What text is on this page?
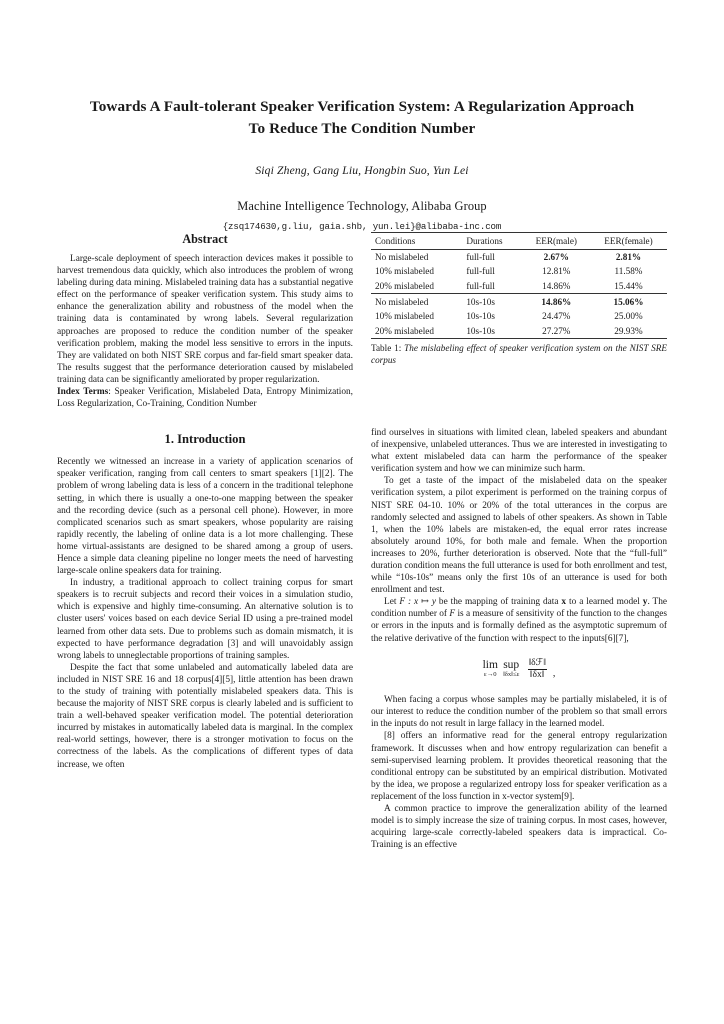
Towards A Fault-tolerant Speaker Verification System: A Regularization Approach To Reduce The Condition Number
Siqi Zheng, Gang Liu, Hongbin Suo, Yun Lei
Machine Intelligence Technology, Alibaba Group
{zsq174630,g.liu, gaia.shb, yun.lei}@alibaba-inc.com
Abstract

Large-scale deployment of speech interaction devices makes it possible to harvest tremendous data quickly, which also introduces the problem of wrong labeling during data mining. Mislabeled training data has a substantial negative effect on the performance of speaker verification system. This study aims to enhance the generalization ability and robustness of the model when the training data is contaminated by wrong labels. Several regularization approaches are proposed to reduce the condition number of the speaker verification problem, making the model less sensitive to errors in the inputs. They are validated on both NIST SRE corpus and far-field smart speaker data. The results suggest that the performance deterioration caused by mislabeled training data can be significantly ameliorated by proper regularization.

Index Terms: Speaker Verification, Mislabeled Data, Entropy Minimization, Loss Regularization, Co-Training, Condition Number

1. Introduction

Recently we witnessed an increase in a variety of application scenarios of speaker verification, ranging from call centers to smart speakers [1][2]. The problem of wrong labeling data is less of a concern in the traditional telephone setting, in which there is usually a one-to-one mapping between the speaker and the recording device (such as a personal cell phone). However, in more complicated scenarios such as smart speakers, whose popularity are raising rapidly recently, the labeling of online data is a lot more challenging. These home virtual-assistants are designed to be shared among a group of users. Hence a simple data cleaning pipeline no longer meets the need of harvesting large-scale online speakers data for training.

In industry, a traditional approach to collect training corpus for smart speakers is to recruit subjects and record their voices in a simulation studio, which is expensive and highly time-consuming. An alternative solution is to cluster users' voices based on each device Serial ID using a pre-trained model learned from other data sets. Due to problems such as domain mismatch, it is expected to have performance degradation [3] and will unavoidably assign wrong labels to unneglectable proportions of training samples.

Despite the fact that some unlabeled and automatically labeled data are included in NIST SRE 16 and 18 corpus[4][5], little attention has been drawn to the study of training with potentially mislabeled speakers data. This is because the majority of NIST SRE corpus is clearly labeled and is sufficient to train a well-behaved speaker verification model. The potential deterioration incurred by mistakes in automatically labeled data is marginal. In the complex real-world settings, however, there is a stronger motivation to focus on the correctness of the labels. As the complications of different types of data increase, we often

Conditions	Durations	EER(male)	EER(female)
No mislabeled	full-full	2.67%	2.81%
10% mislabeled	full-full	12.81%	11.58%
20% mislabeled	full-full	14.86%	15.44%
No mislabeled	10s-10s	14.86%	15.06%
10% mislabeled	10s-10s	24.47%	25.00%
20% mislabeled	10s-10s	27.27%	29.93%

Table 1: The mislabeling effect of speaker verification system on the NIST SRE corpus

find ourselves in situations with limited clean, labeled speakers and abundant of inexpensive, unlabeled utterances. Thus we are interested in investigating to what extent mislabeled data can harm the performance of the speaker verification system and how we can minimize such harm.

To get a taste of the impact of the mislabeled data on the speaker verification system, a pilot experiment is performed on the training corpus of NIST SRE 04-10. 10% or 20% of the total utterances in the corpus are randomly selected and assigned to labels of other speakers. As shown in Table 1, when the 10% labels are mistaken-ed, the equal error rates increase absolutely around 10%, for both male and female. When the proportion increases to 20%, further deterioration is observed. Note that the “full-full” duration condition means the full utterance is used for both enrollment and test, while “10s-10s” means only the first 10s of an utterance is used for both enrollment and test.

Let F : x ↦ y be the mapping of training data x to a learned model y. The condition number of F is a measure of sensitivity of the function to the changes or errors in the inputs and is formally defined as the asymptotic supremum of the relative derivative of the function with respect to the inputs[6][7],

lim
ε→0
sup
‖δx‖≤ε $\frac{\text{‖δℱ‖}}{‖\delta x‖}$ ,

When facing a corpus whose samples may be partially mislabeled, it is of our interest to reduce the condition number of the problem so that small errors in the inputs do not result in large fallacy in the learned model.

[8] offers an informative read for the general entropy regularization framework. It discusses when and how entropy regularization can benefit a semi-supervised learning problem. It provides theoretical reasoning that the conditional entropy can be substituted by an empirical distribution. Motivated by the idea, we propose a regularized entropy loss for speaker verification as a replacement of the loss function in x-vector system[9].

A common practice to improve the generalization ability of the learned model is to simply increase the size of training corpus. In most cases, however, acquiring large-scale correctly-labeled speakers data is impractical. Co-Training is an effective
